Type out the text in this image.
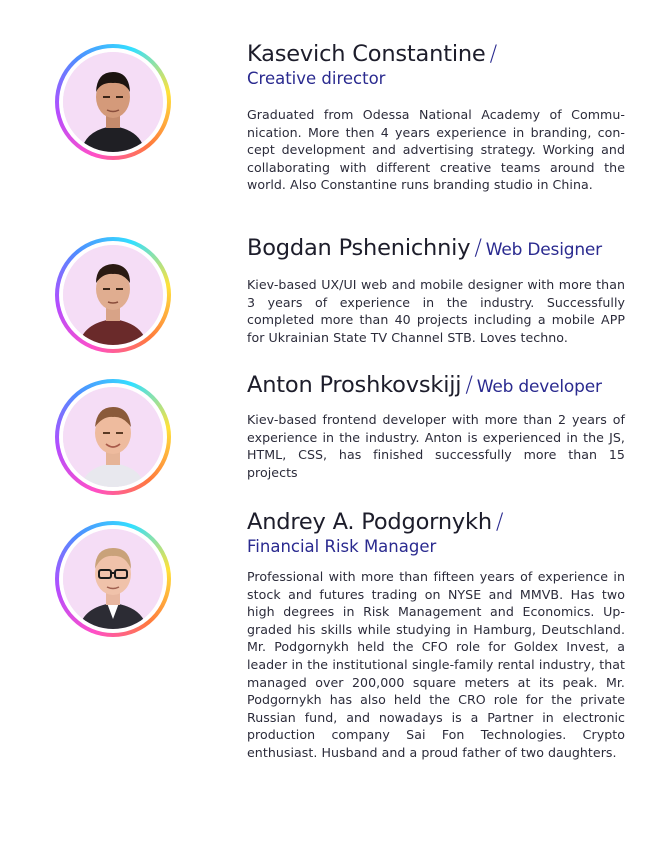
Kasevich Constantine /
Creative director
Graduated from Odessa National Academy of Commu-nication. More then 4 years experience in branding, con-cept development and advertising strategy. Working and collaborating with different creative teams around the world. Also Constantine runs branding studio in China.
Bogdan Pshenichniy / Web Designer
Kiev-based UX/UI web and mobile designer with more than 3 years of experience in the industry. Successfully completed more than 40 projects including a mobile APP for Ukrainian State TV Channel STB. Loves techno.
Anton Proshkovskijj / Web developer
Kiev-based frontend developer with more than 2 years of experience in the industry. Anton is experienced in the JS, HTML, CSS, has finished successfully more than 15 projects
Andrey A. Podgornykh /
Financial Risk Manager
Professional with more than fifteen years of experience in stock and futures trading on NYSE and MMVB. Has two high degrees in Risk Management and Economics. Up-graded his skills while studying in Hamburg, Deutschland. Mr. Podgornykh held the CFO role for Goldex Invest, a leader in the institutional single-family rental industry, that managed over 200,000 square meters at its peak. Mr. Podgornykh has also held the CRO role for the private Russian fund, and nowadays is a Partner in electronic production company Sai Fon Technologies. Crypto enthusiast. Husband and a proud father of two daughters.
